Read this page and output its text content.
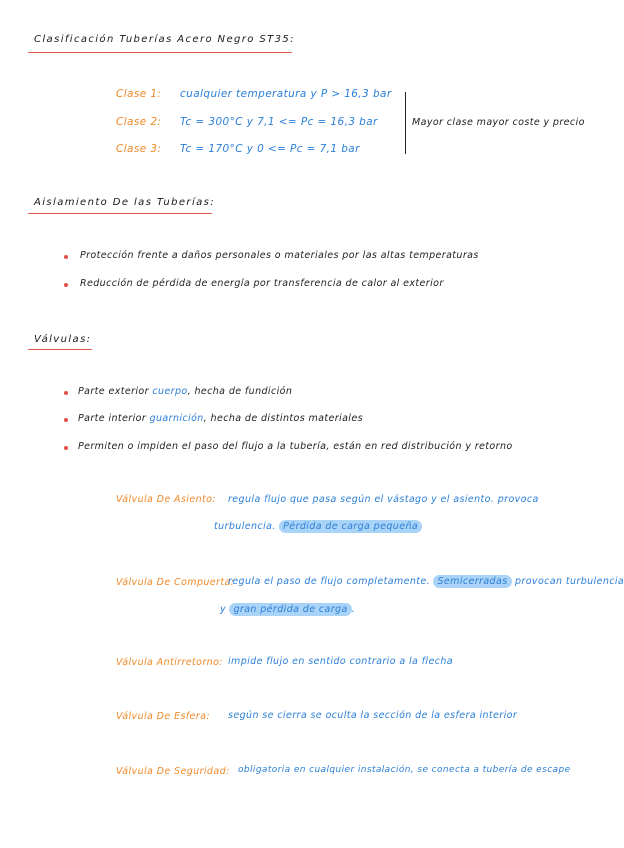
Clasificación Tuberías Acero Negro ST35:
Clase 1: cualquier temperatura y P > 16,3 bar
Clase 2: Tc = 300°C y 7,1 <= Pc = 16,3 bar
Clase 3: Tc = 170°C y 0 <= Pc = 7,1 bar
Mayor clase mayor coste y precio
Aislamiento De las Tuberías:
Protección frente a daños personales o materiales por las altas temperaturas
Reducción de pérdida de energía por transferencia de calor al exterior
Válvulas:
Parte exterior cuerpo, hecha de fundición
Parte interior guarnición, hecha de distintos materiales
Permiten o impiden el paso del flujo a la tubería, están en red distribución y retorno
Válvula De Asiento: regula flujo que pasa según el vástago y el asiento. provoca
turbulencia. Pérdida de carga pequeña
Válvula De Compuerta:
regula el paso de flujo completamente. Semicerradas provocan turbulencia
y gran pérdida de carga .
Válvula Antirretorno: impide flujo en sentido contrario a la flecha
Válvula De Esfera: según se cierra se oculta la sección de la esfera interior
Válvula De Seguridad: obligatoria en cualquier instalación, se conecta a tubería de escape
